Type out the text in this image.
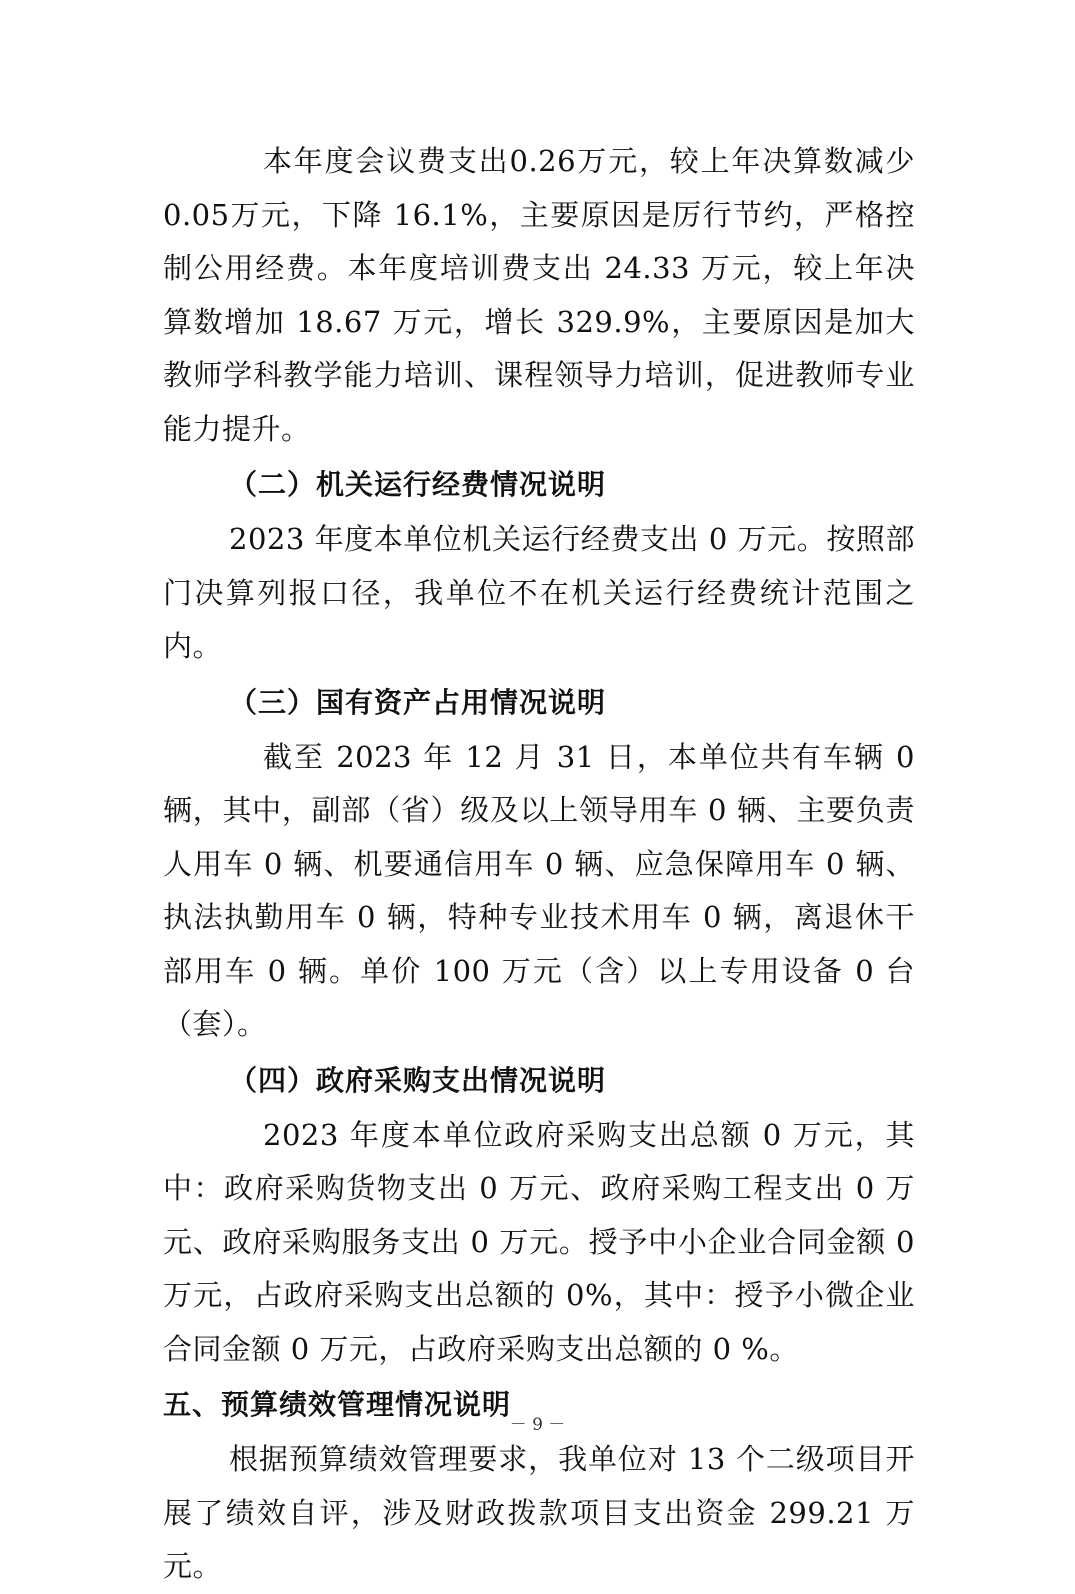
本年度会议费支出0.26万元，较上年决算数减少0.05万元，下降 16.1%，主要原因是厉行节约，严格控制公用经费。本年度培训费支出 24.33 万元，较上年决算数增加 18.67 万元，增长 329.9%，主要原因是加大教师学科教学能力培训、课程领导力培训，促进教师专业能力提升。

（二）机关运行经费情况说明

2023 年度本单位机关运行经费支出 0 万元。按照部门决算列报口径，我单位不在机关运行经费统计范围之内。

（三）国有资产占用情况说明

截至 2023 年 12 月 31 日，本单位共有车辆 0 辆，其中，副部（省）级及以上领导用车 0 辆、主要负责人用车 0 辆、机要通信用车 0 辆、应急保障用车 0 辆、执法执勤用车 0 辆，特种专业技术用车 0 辆，离退休干部用车 0 辆。单价 100 万元（含）以上专用设备 0 台（套）。

（四）政府采购支出情况说明

2023 年度本单位政府采购支出总额 0 万元，其中：政府采购货物支出 0 万元、政府采购工程支出 0 万元、政府采购服务支出 0 万元。授予中小企业合同金额 0 万元，占政府采购支出总额的 0%，其中：授予小微企业合同金额 0 万元，占政府采购支出总额的 0 %。

五、预算绩效管理情况说明

根据预算绩效管理要求，我单位对 13 个二级项目开展了绩效自评，涉及财政拨款项目支出资金 299.21 万元。

－ 9 －
